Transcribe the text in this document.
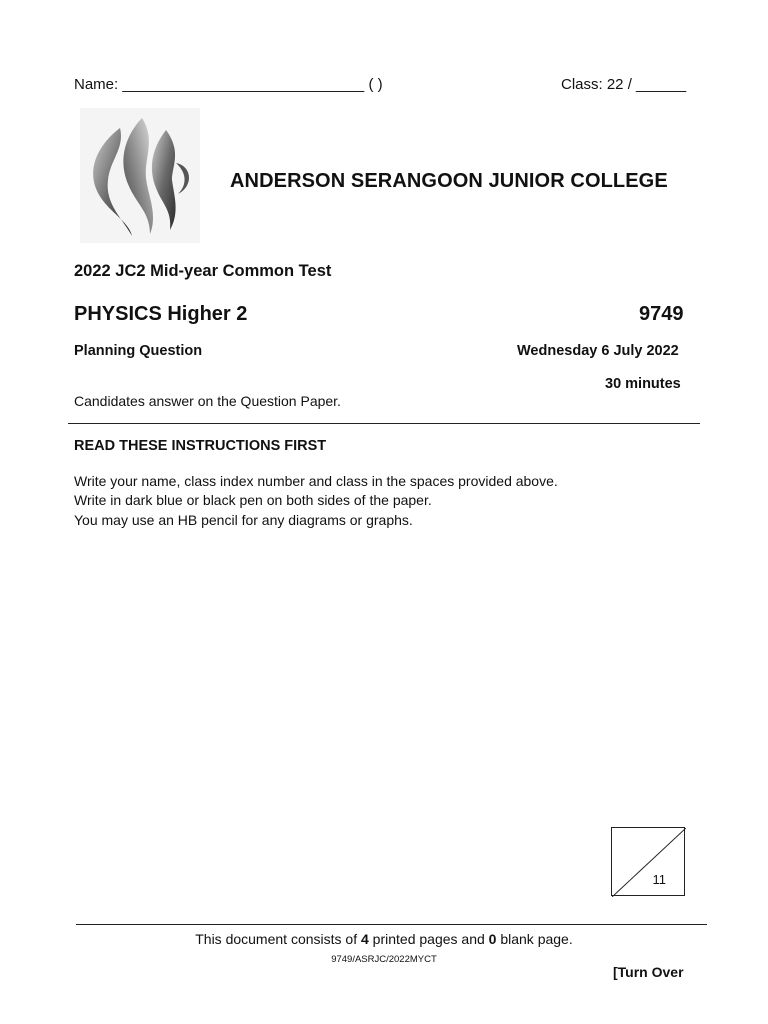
Name: _____________________________ ( )	Class: 22 / ______
ANDERSON SERANGOON JUNIOR COLLEGE
2022 JC2 Mid-year Common Test
PHYSICS Higher 2	9749
Planning Question	Wednesday 6 July 2022
30 minutes
Candidates answer on the Question Paper.
READ THESE INSTRUCTIONS FIRST
Write your name, class index number and class in the spaces provided above.
Write in dark blue or black pen on both sides of the paper.
You may use an HB pencil for any diagrams or graphs.
11
This document consists of 4 printed pages and 0 blank page.
9749/ASRJC/2022MYCT
[Turn Over
